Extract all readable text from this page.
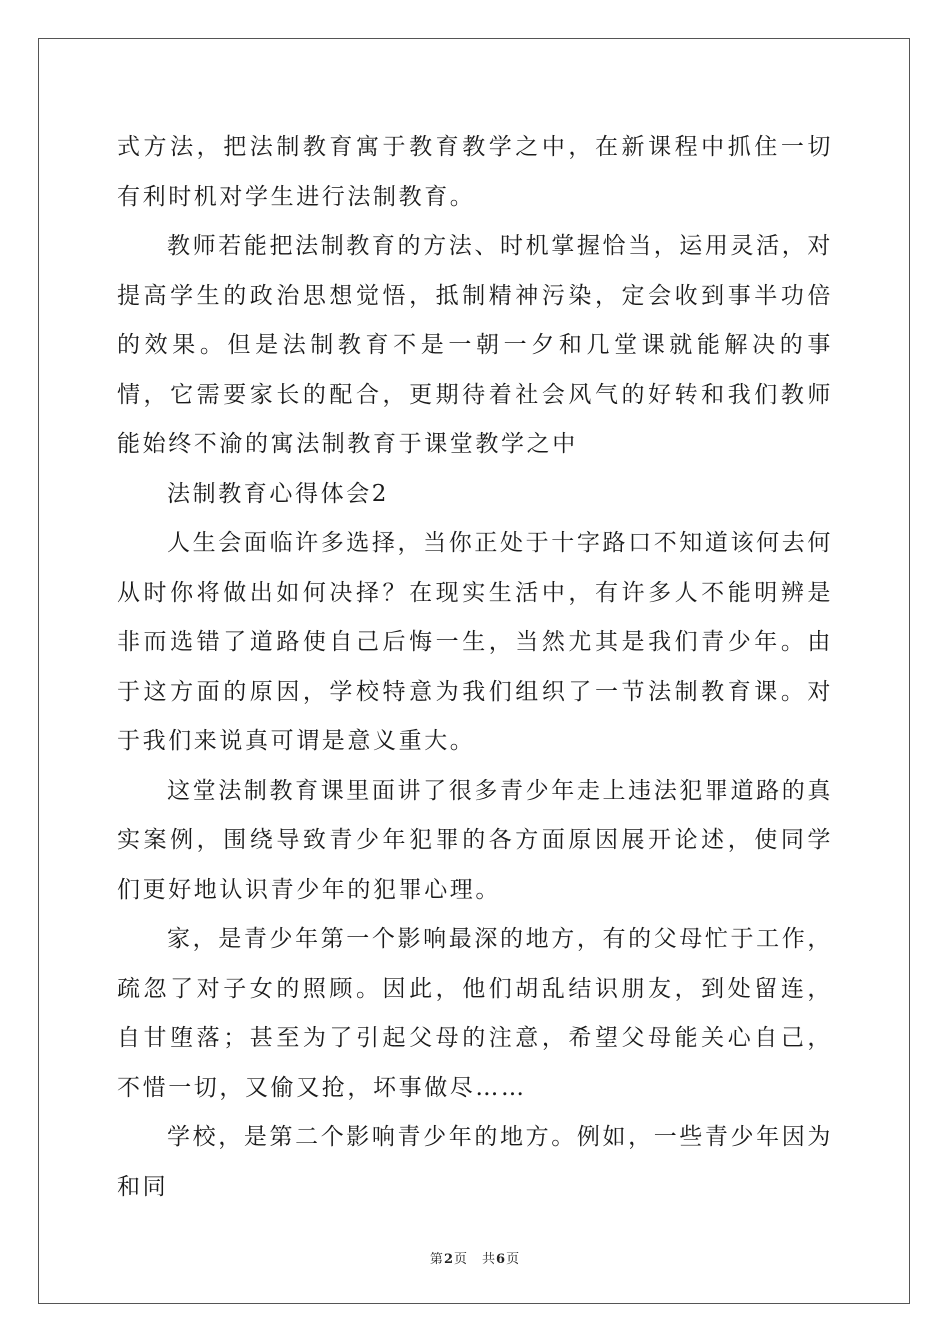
式方法，把法制教育寓于教育教学之中，在新课程中抓住一切有利时机对学生进行法制教育。

教师若能把法制教育的方法、时机掌握恰当，运用灵活，对提高学生的政治思想觉悟，抵制精神污染，定会收到事半功倍的效果。但是法制教育不是一朝一夕和几堂课就能解决的事情，它需要家长的配合，更期待着社会风气的好转和我们教师能始终不渝的寓法制教育于课堂教学之中

法制教育心得体会2

人生会面临许多选择，当你正处于十字路口不知道该何去何从时你将做出如何决择？在现实生活中，有许多人不能明辨是非而选错了道路使自己后悔一生，当然尤其是我们青少年。由于这方面的原因，学校特意为我们组织了一节法制教育课。对于我们来说真可谓是意义重大。

这堂法制教育课里面讲了很多青少年走上违法犯罪道路的真实案例，围绕导致青少年犯罪的各方面原因展开论述，使同学们更好地认识青少年的犯罪心理。

家，是青少年第一个影响最深的地方，有的父母忙于工作，疏忽了对子女的照顾。因此，他们胡乱结识朋友，到处留连，自甘堕落；甚至为了引起父母的注意，希望父母能关心自己，不惜一切，又偷又抢，坏事做尽……

学校，是第二个影响青少年的地方。例如，一些青少年因为和同

第2页 共6页
